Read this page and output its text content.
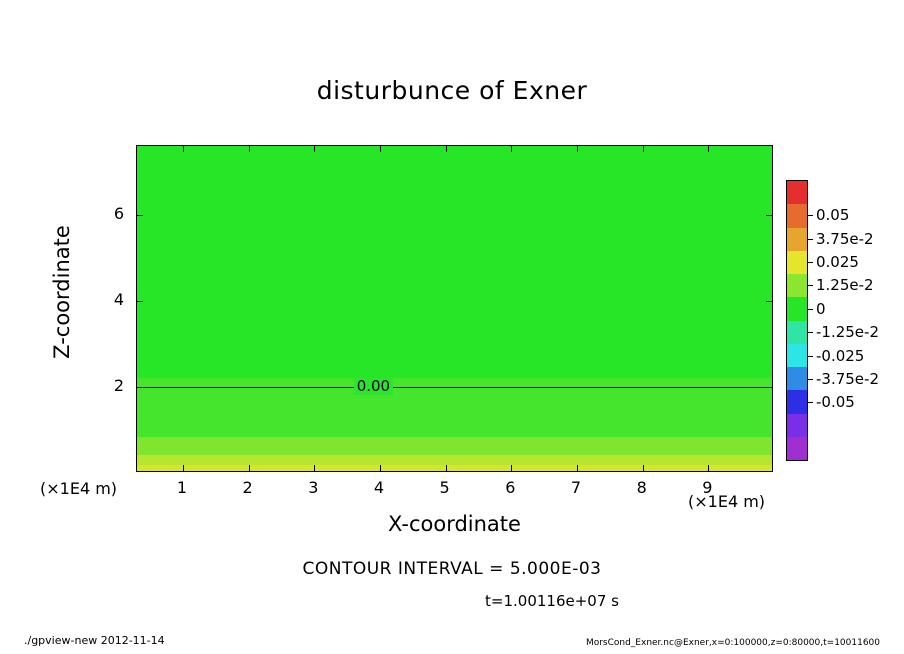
disturbunce of Exner
0.00
1	2	3	4	5	6	7	8	9
2
4
6
X-coordinate
Z-coordinate
(×1E4 m)
(×1E4 m)
0.05
3.75e-2
0.025
1.25e-2
0
-1.25e-2
-0.025
-3.75e-2
-0.05
CONTOUR INTERVAL = 5.000E-03
t=1.00116e+07 s
./gpview-new 2012-11-14	MorsCond_Exner.nc@Exner,x=0:100000,z=0:80000,t=10011600
